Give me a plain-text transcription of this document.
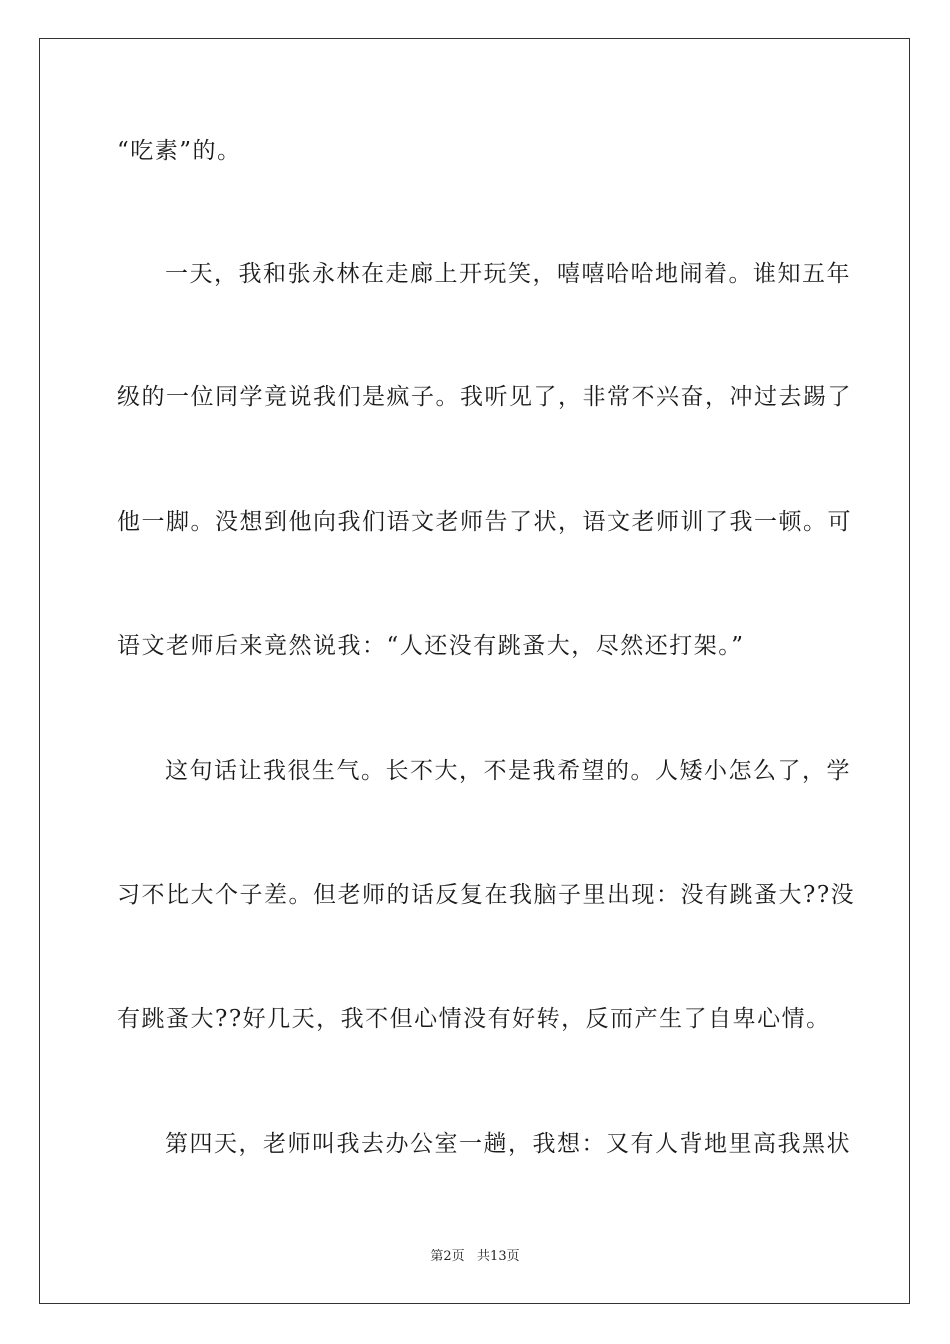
“吃素”的。
一天，我和张永林在走廊上开玩笑，嘻嘻哈哈地闹着。谁知五年
级的一位同学竟说我们是疯子。我听见了，非常不兴奋，冲过去踢了
他一脚。没想到他向我们语文老师告了状，语文老师训了我一顿。可
语文老师后来竟然说我：“人还没有跳蚤大，尽然还打架。”
这句话让我很生气。长不大，不是我希望的。人矮小怎么了，学
习不比大个子差。但老师的话反复在我脑子里出现：没有跳蚤大??没
有跳蚤大??好几天，我不但心情没有好转，反而产生了自卑心情。
第四天，老师叫我去办公室一趟，我想：又有人背地里高我黑状
第2页   共13页
